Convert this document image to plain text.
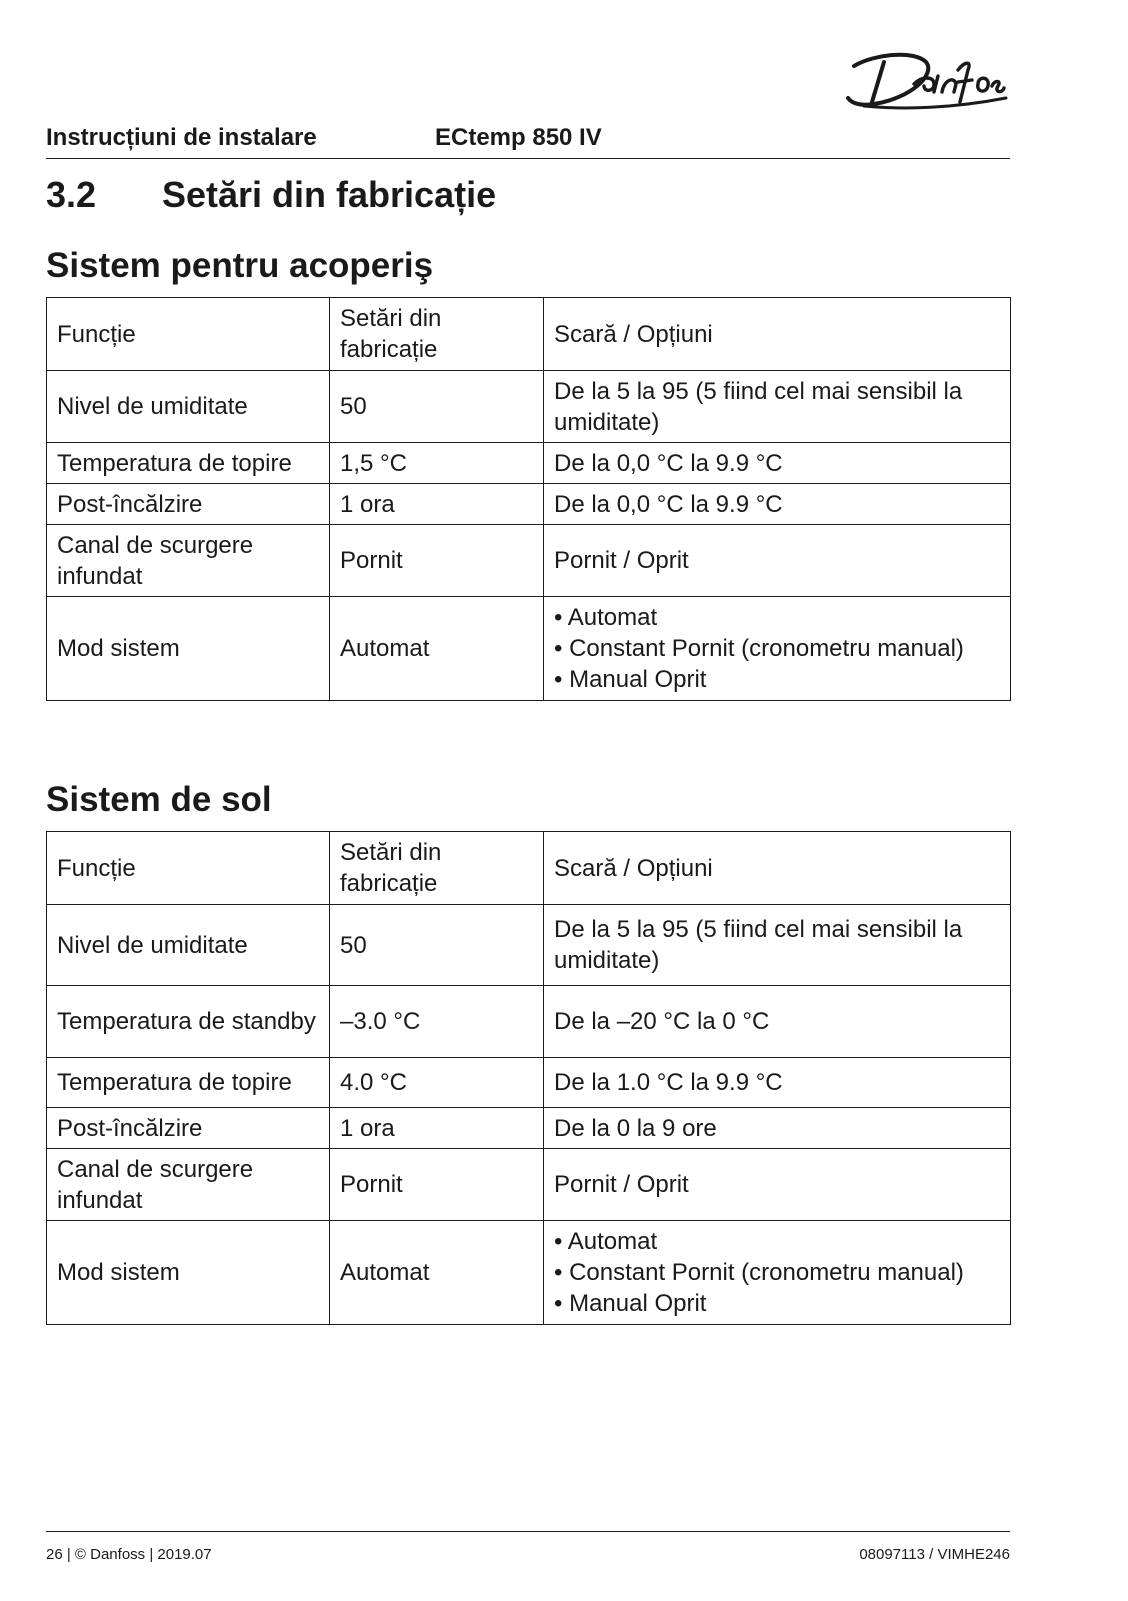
Instrucțiuni de instalare	ECtemp 850 IV
3.2 Setări din fabricație
Sistem pentru acoperiş
Funcție	Setări din fabricație	Scară / Opțiuni
Nivel de umiditate	50	De la 5 la 95 (5 fiind cel mai sensibil la umiditate)
Temperatura de topire	1,5 °C	De la 0,0 °C la 9.9 °C
Post-încălzire	1 ora	De la 0,0 °C la 9.9 °C
Canal de scurgere infundat	Pornit	Pornit / Oprit
Mod sistem	Automat	• Automat
• Constant Pornit (cronometru manual)
• Manual Oprit
Sistem de sol
Funcție	Setări din fabricație	Scară / Opțiuni
Nivel de umiditate	50	De la 5 la 95 (5 fiind cel mai sensibil la umiditate)
Temperatura de standby	–3.0 °C	De la –20 °C la 0 °C
Temperatura de topire	4.0 °C	De la 1.0 °C la 9.9 °C
Post-încălzire	1 ora	De la 0 la 9 ore
Canal de scurgere infundat	Pornit	Pornit / Oprit
Mod sistem	Automat	• Automat
• Constant Pornit (cronometru manual)
• Manual Oprit
26 | © Danfoss | 2019.07	08097113 / VIMHE246
